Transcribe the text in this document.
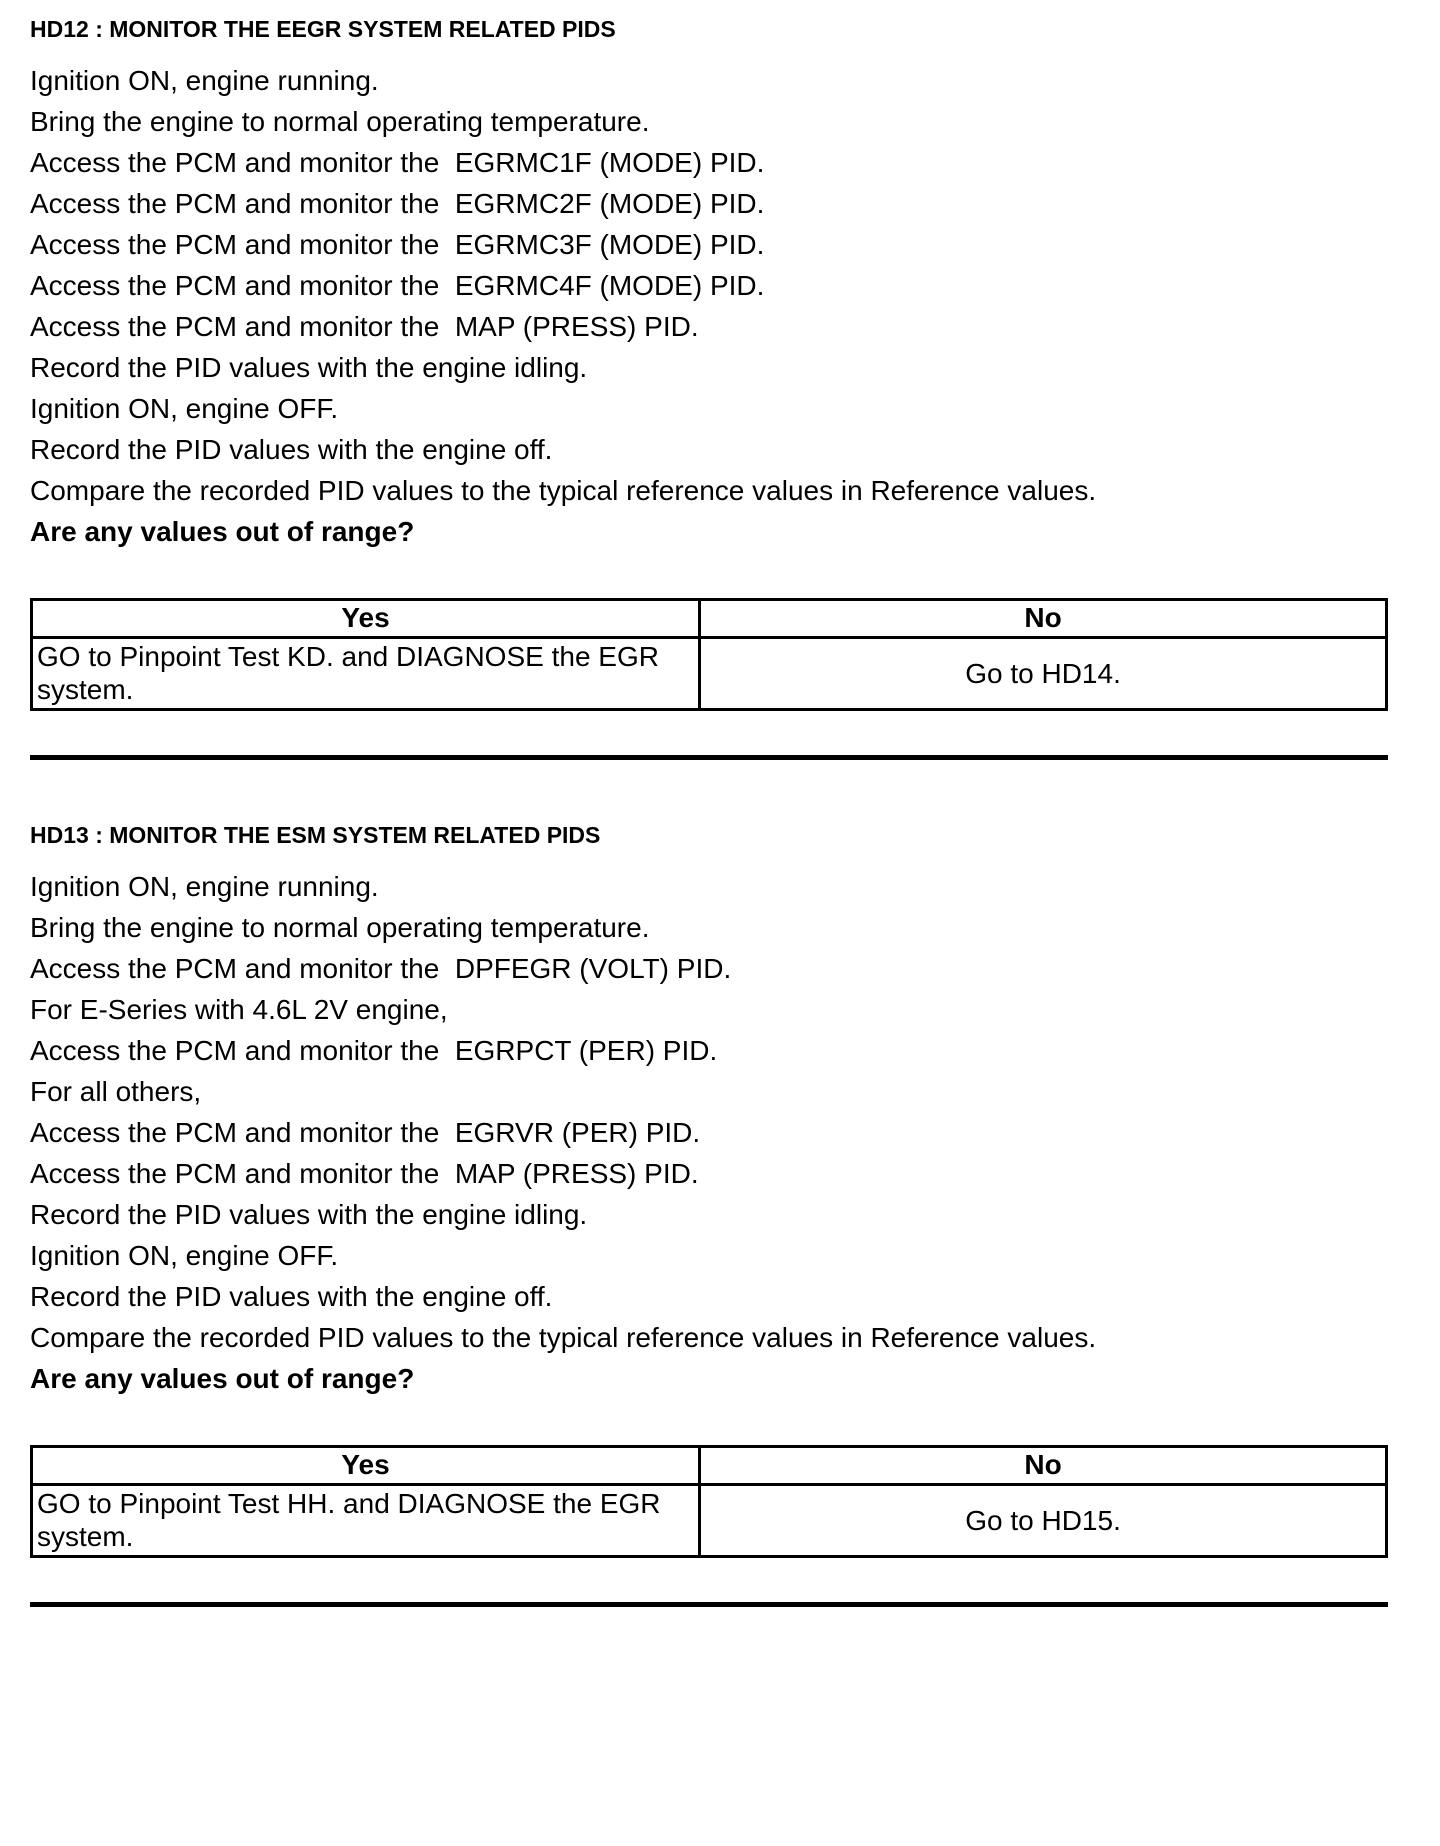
HD12 : MONITOR THE EEGR SYSTEM RELATED PIDS
Ignition ON, engine running.
Bring the engine to normal operating temperature.
Access the PCM and monitor the  EGRMC1F (MODE) PID.
Access the PCM and monitor the  EGRMC2F (MODE) PID.
Access the PCM and monitor the  EGRMC3F (MODE) PID.
Access the PCM and monitor the  EGRMC4F (MODE) PID.
Access the PCM and monitor the  MAP (PRESS) PID.
Record the PID values with the engine idling.
Ignition ON, engine OFF.
Record the PID values with the engine off.
Compare the recorded PID values to the typical reference values in Reference values.
Are any values out of range?
Yes	No
GO to Pinpoint Test KD. and DIAGNOSE the EGR system.	Go to HD14.
HD13 : MONITOR THE ESM SYSTEM RELATED PIDS
Ignition ON, engine running.
Bring the engine to normal operating temperature.
Access the PCM and monitor the  DPFEGR (VOLT) PID.
For E-Series with 4.6L 2V engine,
Access the PCM and monitor the  EGRPCT (PER) PID.
For all others,
Access the PCM and monitor the  EGRVR (PER) PID.
Access the PCM and monitor the  MAP (PRESS) PID.
Record the PID values with the engine idling.
Ignition ON, engine OFF.
Record the PID values with the engine off.
Compare the recorded PID values to the typical reference values in Reference values.
Are any values out of range?
Yes	No
GO to Pinpoint Test HH. and DIAGNOSE the EGR system.	Go to HD15.
